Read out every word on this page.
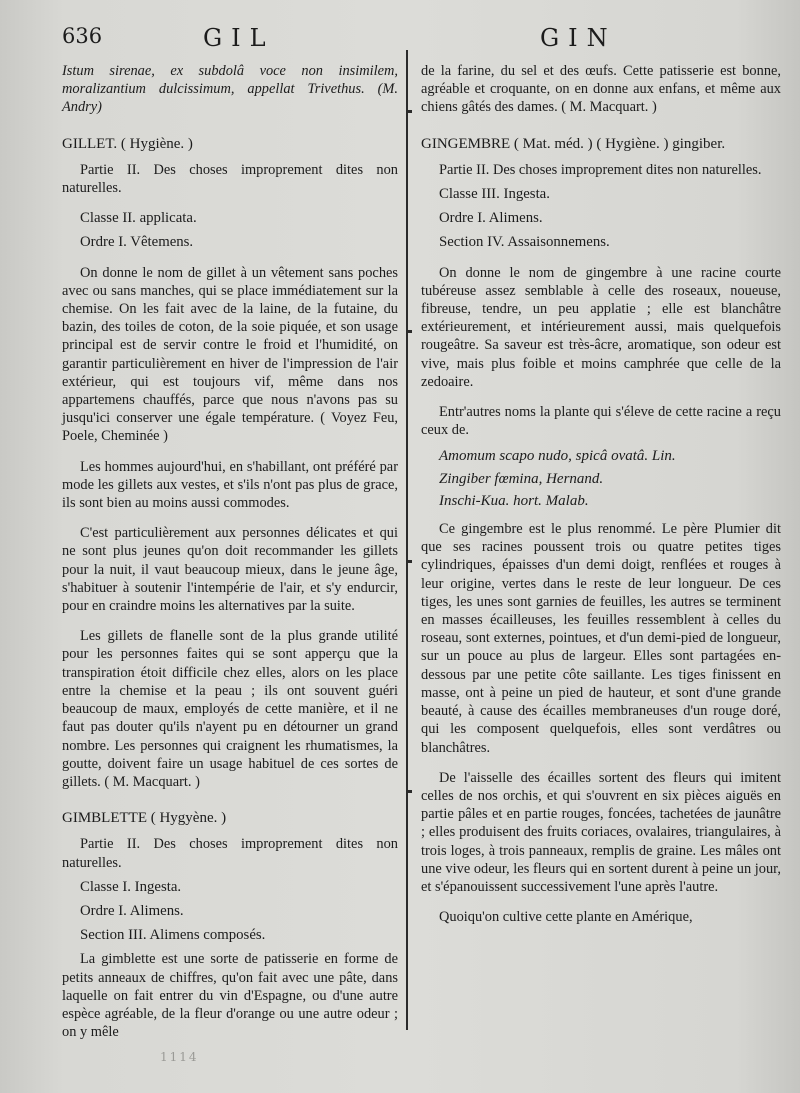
636	GIL	GIN

Istum sirenae, ex subdolâ voce non insimilem, moralizantium dulcissimum, appellat Trivethus. (M. Andry)

GILLET. ( Hygiène. )

Partie II. Des choses improprement dites non naturelles.

Classe II. applicata.
Ordre I. Vêtemens.

On donne le nom de gillet à un vêtement sans poches avec ou sans manches, qui se place immédiatement sur la chemise. On les fait avec de la laine, de la futaine, du bazin, des toiles de coton, de la soie piquée, et son usage principal est de servir contre le froid et l'humidité, on garantir particulièrement en hiver de l'impression de l'air extérieur, qui est toujours vif, même dans nos appartemens chauffés, parce que nous n'avons pas su jusqu'ici conserver une égale température. ( Voyez Feu, Poele, Cheminée )

Les hommes aujourd'hui, en s'habillant, ont préféré par mode les gillets aux vestes, et s'ils n'ont pas plus de grace, ils sont bien au moins aussi commodes.

C'est particulièrement aux personnes délicates et qui ne sont plus jeunes qu'on doit recommander les gillets pour la nuit, il vaut beaucoup mieux, dans le jeune âge, s'habituer à soutenir l'intempérie de l'air, et s'y endurcir, pour en craindre moins les alternatives par la suite.

Les gillets de flanelle sont de la plus grande utilité pour les personnes faites qui se sont apperçu que la transpiration étoit difficile chez elles, alors on les place entre la chemise et la peau ; ils ont souvent guéri beaucoup de maux, employés de cette manière, et il ne faut pas douter qu'ils n'ayent pu en détourner un grand nombre. Les personnes qui craignent les rhumatismes, la goutte, doivent faire un usage habituel de ces sortes de gillets. ( M. Macquart. )

GIMBLETTE ( Hygyène. )

Partie II. Des choses improprement dites non naturelles.

Classe I. Ingesta.
Ordre I. Alimens.
Section III. Alimens composés.

La gimblette est une sorte de patisserie en forme de petits anneaux de chiffres, qu'on fait avec une pâte, dans laquelle on fait entrer du vin d'Espagne, ou d'une autre espèce agréable, de la fleur d'orange ou une autre odeur ; on y mêle

de la farine, du sel et des œufs. Cette patisserie est bonne, agréable et croquante, on en donne aux enfans, et même aux chiens gâtés des dames. ( M. Macquart. )

GINGEMBRE ( Mat. méd. ) ( Hygiène. ) gingiber.

Partie II. Des choses improprement dites non naturelles.

Classe III. Ingesta.
Ordre I. Alimens.
Section IV. Assaisonnemens.

On donne le nom de gingembre à une racine courte tubéreuse assez semblable à celle des roseaux, noueuse, fibreuse, tendre, un peu applatie ; elle est blanchâtre extérieurement, et intérieurement aussi, mais quelquefois rougeâtre. Sa saveur est très-âcre, aromatique, son odeur est vive, mais plus foible et moins camphrée que celle de la zedoaire.

Entr'autres noms la plante qui s'éleve de cette racine a reçu ceux de.

Amomum scapo nudo, spicâ ovatâ. Lin.
Zingiber fœmina, Hernand.
Inschi-Kua. hort. Malab.

Ce gingembre est le plus renommé. Le père Plumier dit que ses racines poussent trois ou quatre petites tiges cylindriques, épaisses d'un demi doigt, renflées et rouges à leur origine, vertes dans le reste de leur longueur. De ces tiges, les unes sont garnies de feuilles, les autres se terminent en masses écailleuses, les feuilles ressemblent à celles du roseau, sont externes, pointues, et d'un demi-pied de longueur, sur un pouce au plus de largeur. Elles sont partagées en-dessous par une petite côte saillante. Les tiges finissent en masse, ont à peine un pied de hauteur, et sont d'une grande beauté, à cause des écailles membraneuses d'un rouge doré, qui les composent quelquefois, elles sont verdâtres ou blanchâtres.

De l'aisselle des écailles sortent des fleurs qui imitent celles de nos orchis, et qui s'ouvrent en six pièces aiguës en partie pâles et en partie rouges, foncées, tachetées de jaunâtre ; elles produisent des fruits coriaces, ovalaires, triangulaires, à trois loges, à trois panneaux, remplis de graine. Les mâles ont une vive odeur, les fleurs qui en sortent durent à peine un jour, et s'épanouissent successivement l'une après l'autre.

Quoiqu'on cultive cette plante en Amérique,

1114
